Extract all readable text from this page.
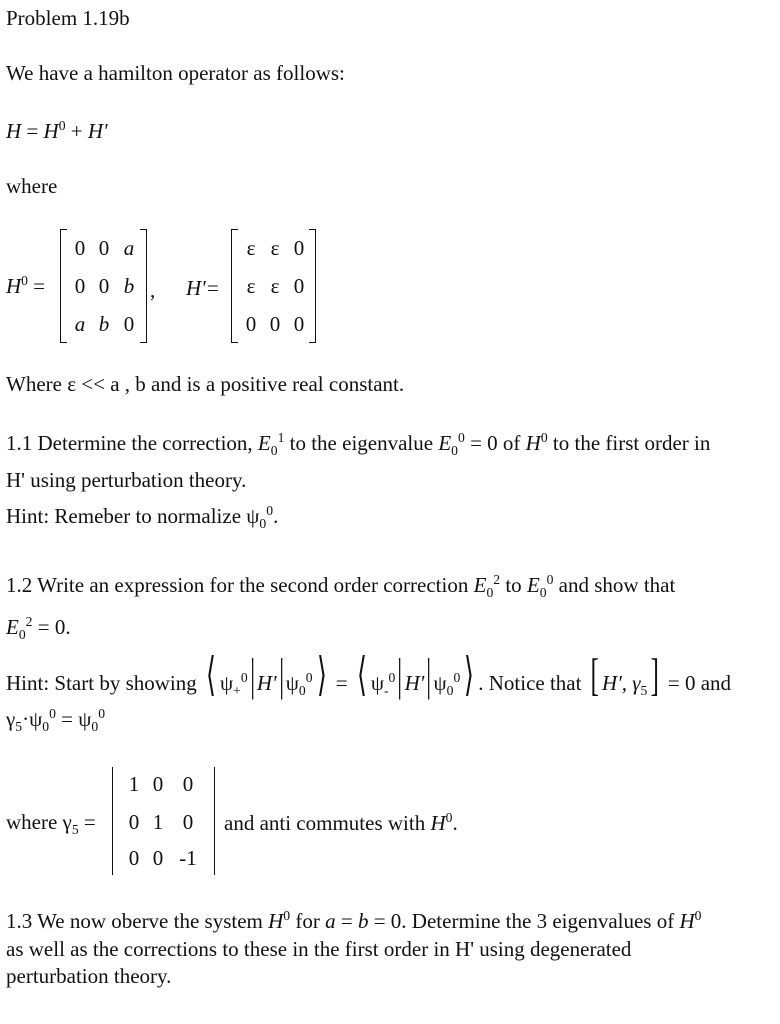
Problem 1.19b
We have a hamilton operator as follows:
$H = H^0 + H'$
where
$H^0$ =
0 0 a
0 0 b
a b 0
, H'=
ε ε 0
ε ε 0
0 0 0
Where ε << a , b and is a positive real constant.
1.1 Determine the correction, $E_0^1$ to the eigenvalue $E_0^0 = 0$ of $H^0$ to the first order in
H' using perturbation theory.
Hint: Remeber to normalize $\psi_0^0$.
1.2 Write an expression for the second order correction $E_0^2$ to $E_0^0$ and show that
$E_0^2 = 0$.
Hint: Start by showing ⟨ $\psi_+^0|H'|\psi_0^0⟩$ = ⟨ $\psi_-^0|H'|\psi_0^0⟩$ . Notice that [ H', $\gamma_5] = 0$ and
$\gamma_5\cdot\psi_0^0 = \psi_0^0$
where $\gamma_5$ =
1 0 0
0 1 0
0 0 -1
and anti commutes with $H^0$.
1.3 We now oberve the system $H^0$ for a = b = 0. Determine the 3 eigenvalues of $H^0$
as well as the corrections to these in the first order in H' using degenerated
perturbation theory.
